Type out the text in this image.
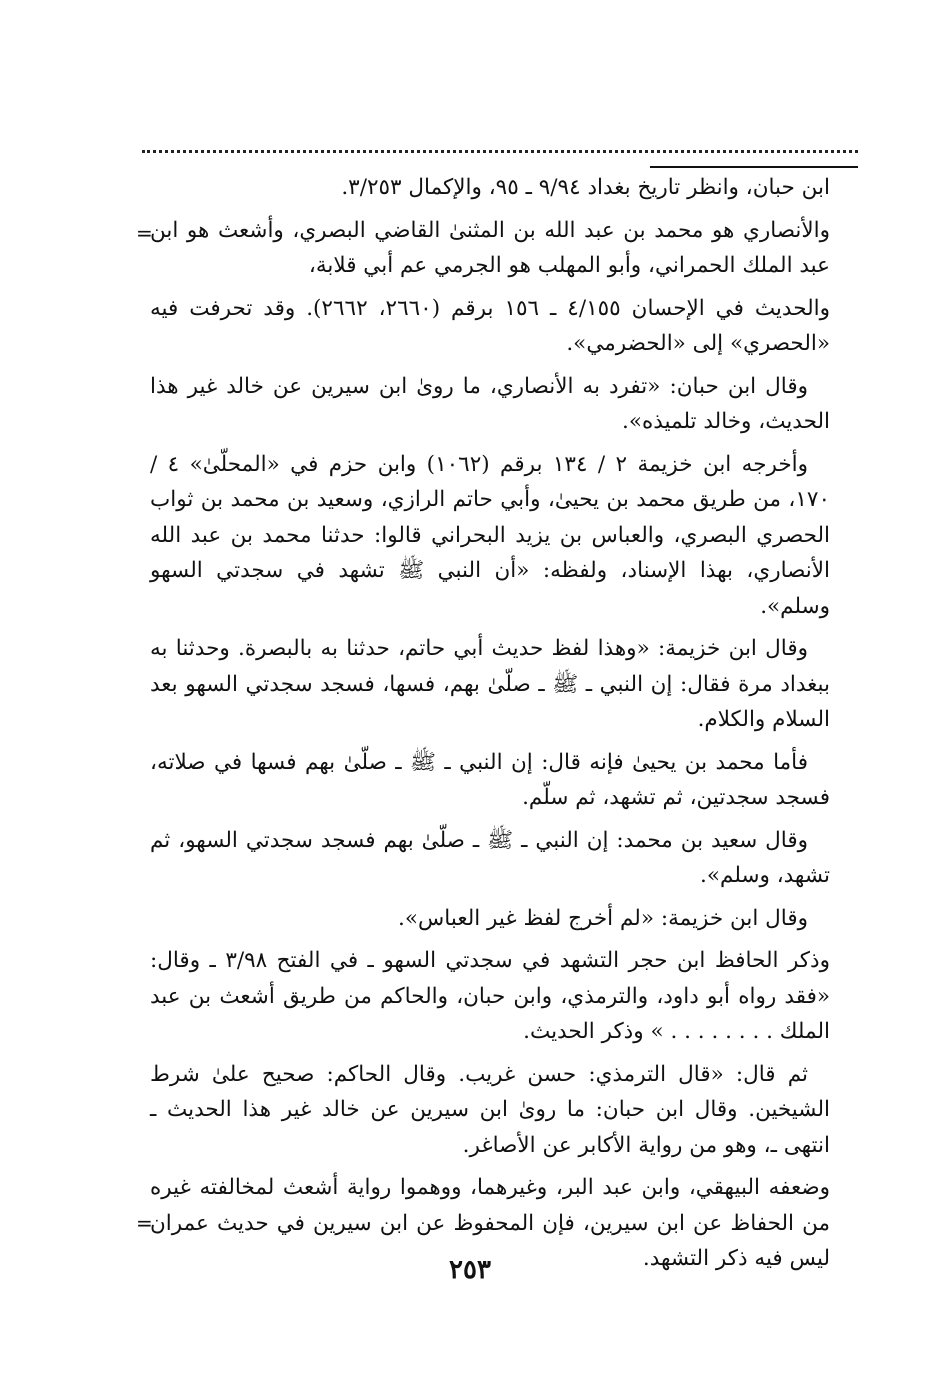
=

ابن حبان، وانظر تاريخ بغداد ٩/٩٤ ـ ٩٥، والإكمال ٣/٢٥٣.

والأنصاري هو محمد بن عبد الله بن المثنىٰ القاضي البصري، وأشعث هو ابن عبد الملك الحمراني، وأبو المهلب هو الجرمي عم أبي قلابة،

والحديث في الإحسان ٤/١٥٥ ـ ١٥٦ برقم (٢٦٦٠، ٢٦٦٢). وقد تحرفت فيه «الحصري» إلى «الحضرمي».

وقال ابن حبان: «تفرد به الأنصاري، ما روىٰ ابن سيرين عن خالد غير هذا الحديث، وخالد تلميذه».

وأخرجه ابن خزيمة ٢ / ١٣٤ برقم (١٠٦٢) وابن حزم في «المحلّىٰ» ٤ / ١٧٠، من طريق محمد بن يحيىٰ، وأبي حاتم الرازي، وسعيد بن محمد بن ثواب الحصري البصري، والعباس بن يزيد البحراني قالوا: حدثنا محمد بن عبد الله الأنصاري، بهذا الإسناد، ولفظه: «أن النبي ﷺ تشهد في سجدتي السهو وسلم».

وقال ابن خزيمة: «وهذا لفظ حديث أبي حاتم، حدثنا به بالبصرة. وحدثنا به ببغداد مرة فقال: إن النبي ـ ﷺ ـ صلّىٰ بهم، فسها، فسجد سجدتي السهو بعد السلام والكلام.

فأما محمد بن يحيىٰ فإنه قال: إن النبي ـ ﷺ ـ صلّىٰ بهم فسها في صلاته، فسجد سجدتين، ثم تشهد، ثم سلّم.

وقال سعيد بن محمد: إن النبي ـ ﷺ ـ صلّىٰ بهم فسجد سجدتي السهو، ثم تشهد، وسلم».

وقال ابن خزيمة: «لم أخرج لفظ غير العباس».

وذكر الحافظ ابن حجر التشهد في سجدتي السهو ـ في الفتح ٣/٩٨ ـ وقال: «فقد رواه أبو داود، والترمذي، وابن حبان، والحاكم من طريق أشعث بن عبد الملك . . . . . . . . » وذكر الحديث.

ثم قال: «قال الترمذي: حسن غريب. وقال الحاكم: صحيح علىٰ شرط الشيخين. وقال ابن حبان: ما روىٰ ابن سيرين عن خالد غير هذا الحديث ـ انتهى ـ، وهو من رواية الأكابر عن الأصاغر.

وضعفه البيهقي، وابن عبد البر، وغيرهما، ووهموا رواية أشعث لمخالفته غيره من الحفاظ عن ابن سيرين، فإن المحفوظ عن ابن سيرين في حديث عمران ليس فيه ذكر التشهد.

=
٢٥٣
